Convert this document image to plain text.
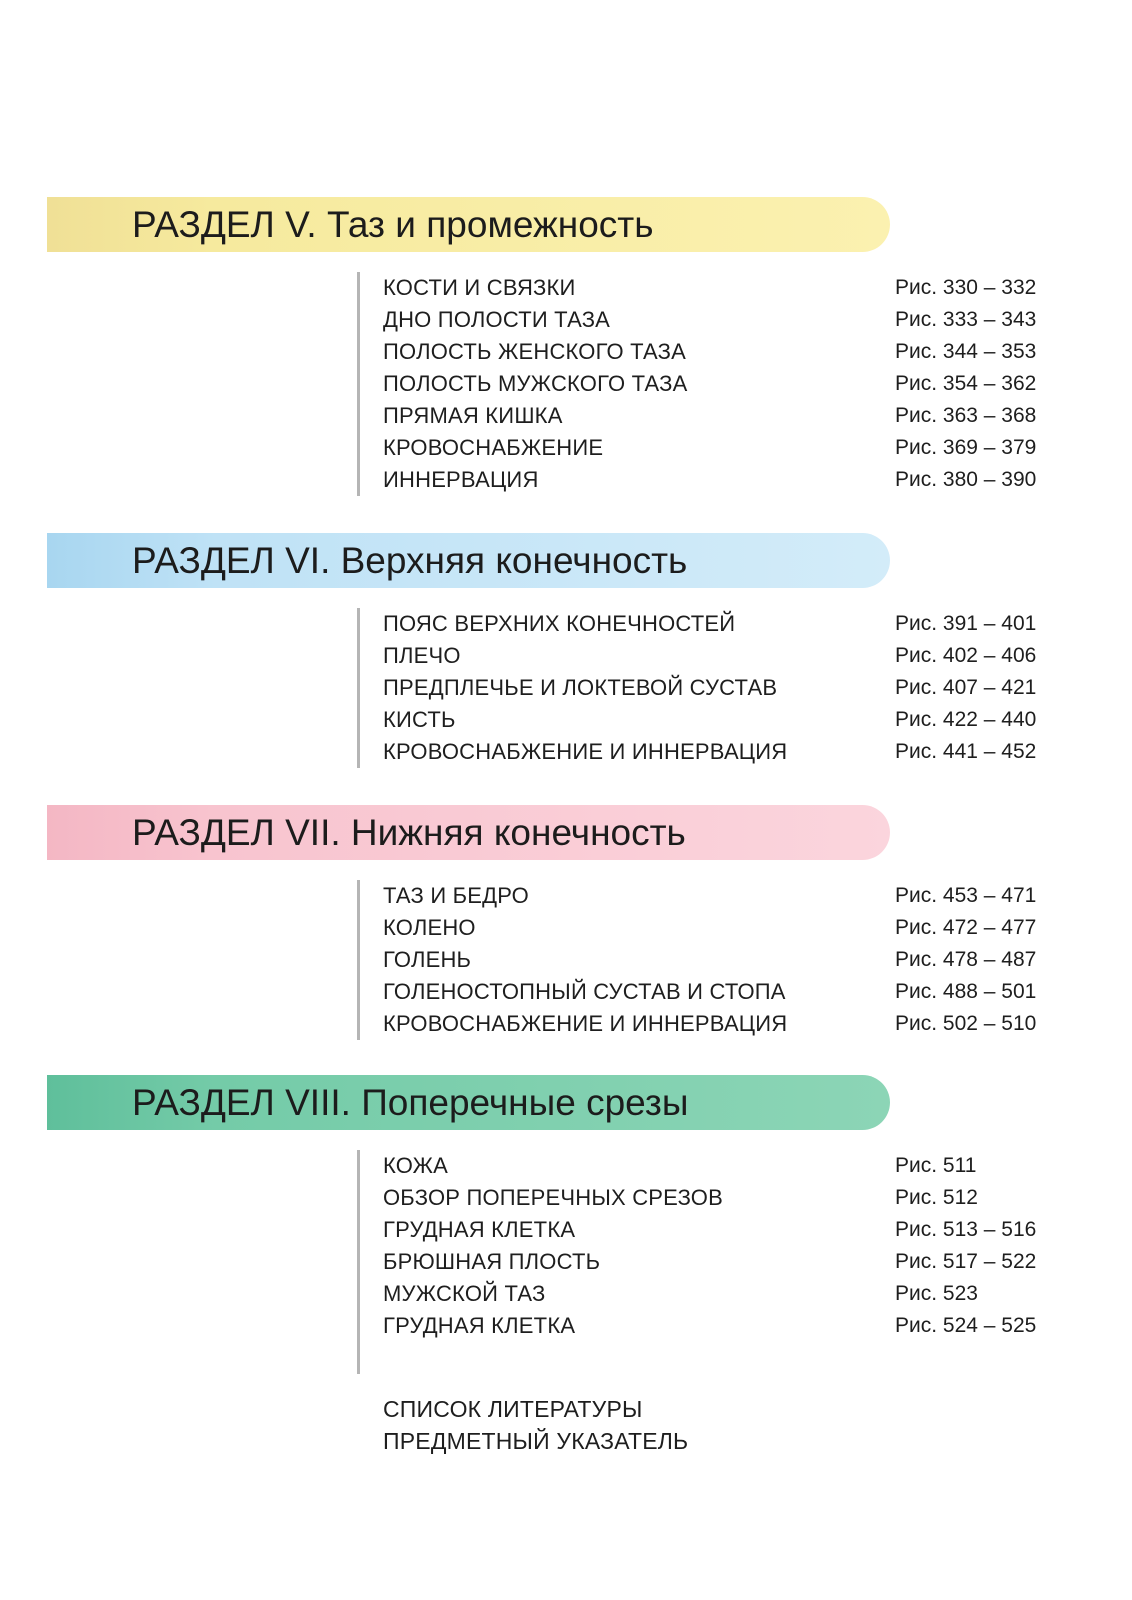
РАЗДЕЛ V. Таз и промежность
КОСТИ И СВЯЗКИ	Рис. 330 – 332
ДНО ПОЛОСТИ ТАЗА	Рис. 333 – 343
ПОЛОСТЬ ЖЕНСКОГО ТАЗА	Рис. 344 – 353
ПОЛОСТЬ МУЖСКОГО ТАЗА	Рис. 354 – 362
ПРЯМАЯ КИШКА	Рис. 363 – 368
КРОВОСНАБЖЕНИЕ	Рис. 369 – 379
ИННЕРВАЦИЯ	Рис. 380 – 390
РАЗДЕЛ VI. Верхняя конечность
ПОЯС ВЕРХНИХ КОНЕЧНОСТЕЙ	Рис. 391 – 401
ПЛЕЧО	Рис. 402 – 406
ПРЕДПЛЕЧЬЕ И ЛОКТЕВОЙ СУСТАВ	Рис. 407 – 421
КИСТЬ	Рис. 422 – 440
КРОВОСНАБЖЕНИЕ И ИННЕРВАЦИЯ	Рис. 441 – 452
РАЗДЕЛ VII. Нижняя конечность
ТАЗ И БЕДРО	Рис. 453 – 471
КОЛЕНО	Рис. 472 – 477
ГОЛЕНЬ	Рис. 478 – 487
ГОЛЕНОСТОПНЫЙ СУСТАВ И СТОПА	Рис. 488 – 501
КРОВОСНАБЖЕНИЕ И ИННЕРВАЦИЯ	Рис. 502 – 510
РАЗДЕЛ VIII. Поперечные срезы
КОЖА	Рис. 511
ОБЗОР ПОПЕРЕЧНЫХ СРЕЗОВ	Рис. 512
ГРУДНАЯ КЛЕТКА	Рис. 513 – 516
БРЮШНАЯ ПЛОСТЬ	Рис. 517 – 522
МУЖСКОЙ ТАЗ	Рис. 523
ГРУДНАЯ КЛЕТКА	Рис. 524 – 525
СПИСОК ЛИТЕРАТУРЫ
ПРЕДМЕТНЫЙ УКАЗАТЕЛЬ
